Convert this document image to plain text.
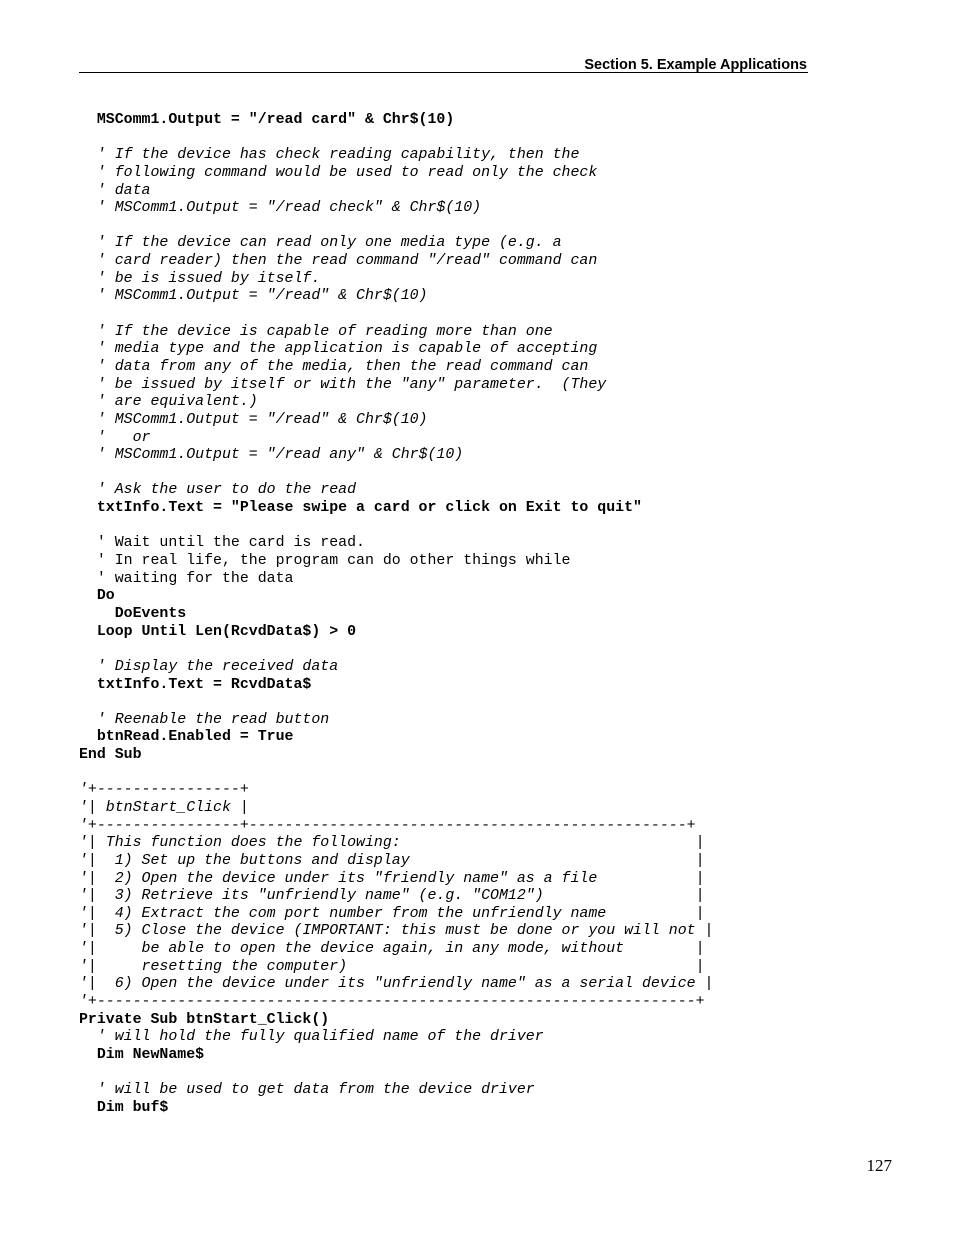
Section 5. Example Applications
MSComm1.Output = "/read card" & Chr$(10)

' If the device has check reading capability, then the
' following command would be used to read only the check
' data
' MSComm1.Output = "/read check" & Chr$(10)

' If the device can read only one media type (e.g. a
' card reader) then the read command "/read" command can
' be is issued by itself.
' MSComm1.Output = "/read" & Chr$(10)

' If the device is capable of reading more than one
' media type and the application is capable of accepting
' data from any of the media, then the read command can
' be issued by itself or with the "any" parameter.  (They
' are equivalent.)
' MSComm1.Output = "/read" & Chr$(10)
'   or
' MSComm1.Output = "/read any" & Chr$(10)

' Ask the user to do the read
txtInfo.Text = "Please swipe a card or click on Exit to quit"

' Wait until the card is read.
' In real life, the program can do other things while
' waiting for the data
Do
DoEvents
Loop Until Len(RcvdData$) > 0

' Display the received data
txtInfo.Text = RcvdData$

' Reenable the read button
btnRead.Enabled = True
End Sub

'+----------------+
'| btnStart_Click |
'+----------------+-------------------------------------------------+
'| This function does the following:                                 |
'|  1) Set up the buttons and display                                |
'|  2) Open the device under its "friendly name" as a file           |
'|  3) Retrieve its "unfriendly name" (e.g. "COM12")                 |
'|  4) Extract the com port number from the unfriendly name          |
'|  5) Close the device (IMPORTANT: this must be done or you will not |
'|     be able to open the device again, in any mode, without        |
'|     resetting the computer)                                       |
'|  6) Open the device under its "unfriendly name" as a serial device |
'+-------------------------------------------------------------------+
Private Sub btnStart_Click()
' will hold the fully qualified name of the driver
Dim NewName$

' will be used to get data from the device driver
Dim buf$
127
